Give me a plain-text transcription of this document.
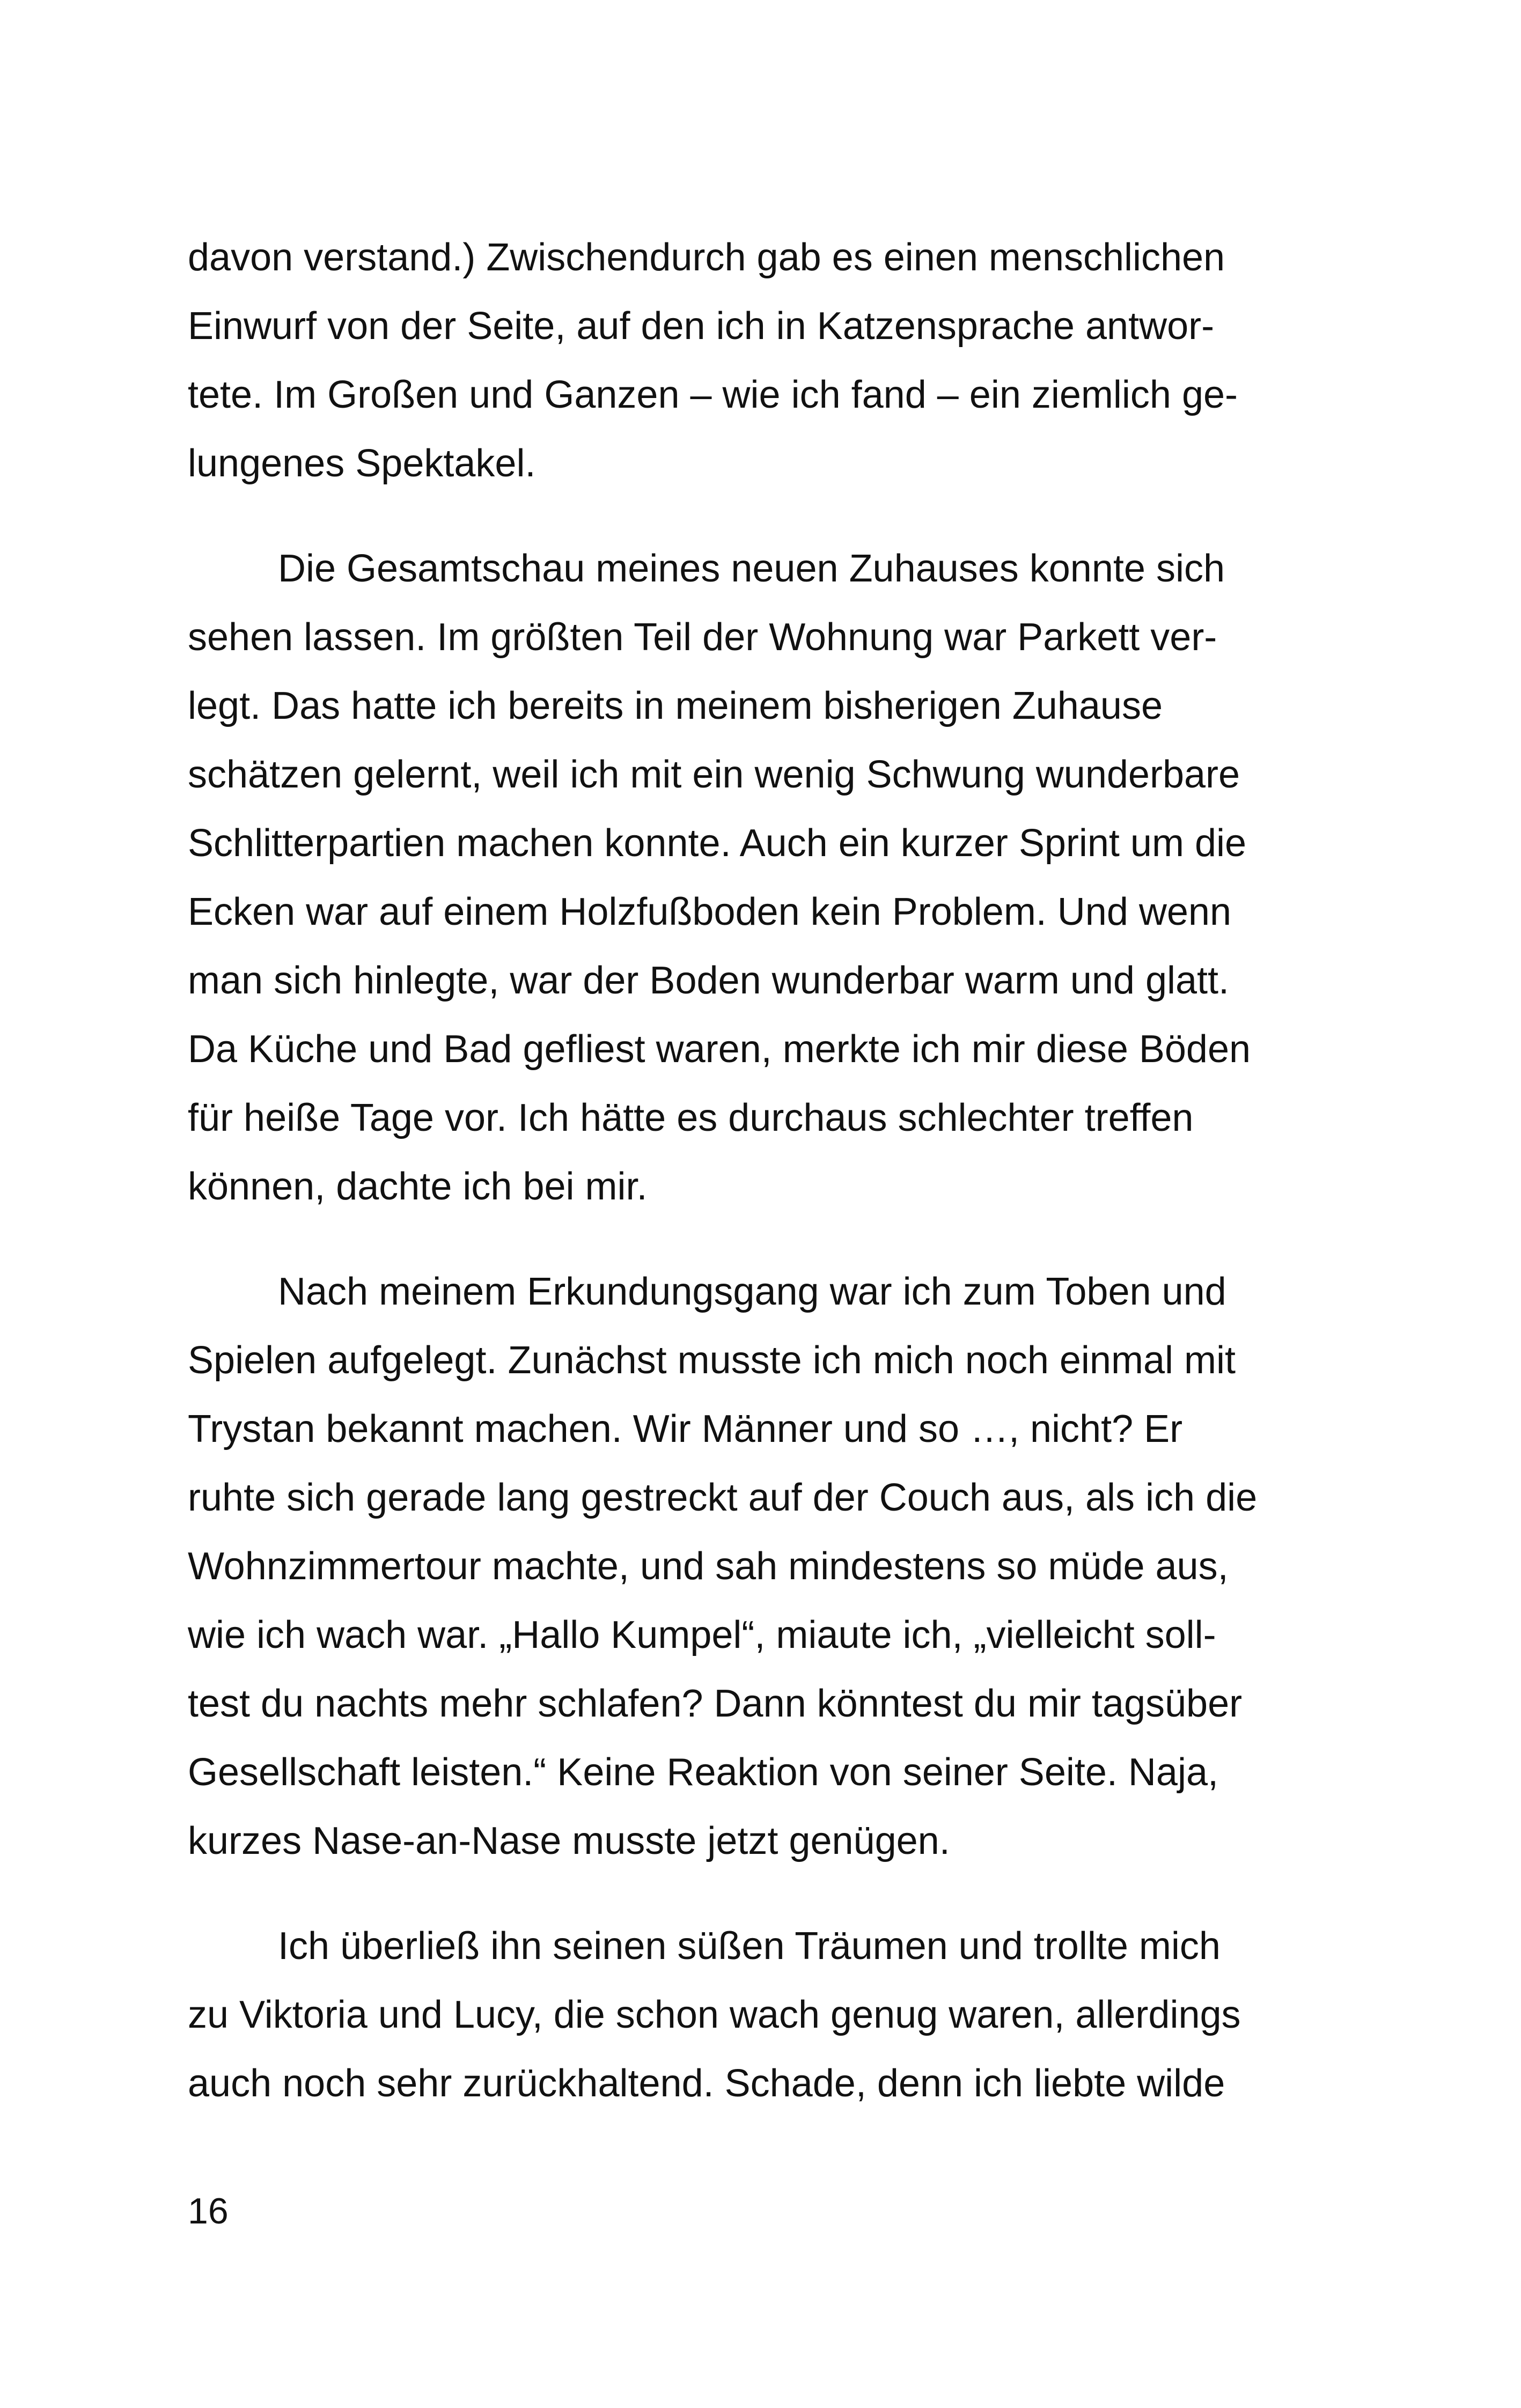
davon verstand.) Zwischendurch gab es einen menschlichen
Einwurf von der Seite, auf den ich in Katzensprache antwor-
tete. Im Großen und Ganzen – wie ich fand – ein ziemlich ge-
lungenes Spektakel.
Die Gesamtschau meines neuen Zuhauses konnte sich
sehen lassen. Im größten Teil der Wohnung war Parkett ver-
legt. Das hatte ich bereits in meinem bisherigen Zuhause
schätzen gelernt, weil ich mit ein wenig Schwung wunderbare
Schlitterpartien machen konnte. Auch ein kurzer Sprint um die
Ecken war auf einem Holzfußboden kein Problem. Und wenn
man sich hinlegte, war der Boden wunderbar warm und glatt.
Da Küche und Bad gefliest waren, merkte ich mir diese Böden
für heiße Tage vor. Ich hätte es durchaus schlechter treffen
können, dachte ich bei mir.
Nach meinem Erkundungsgang war ich zum Toben und
Spielen aufgelegt. Zunächst musste ich mich noch einmal mit
Trystan bekannt machen. Wir Männer und so …, nicht? Er
ruhte sich gerade lang gestreckt auf der Couch aus, als ich die
Wohnzimmertour machte, und sah mindestens so müde aus,
wie ich wach war. „Hallo Kumpel“, miaute ich, „vielleicht soll-
test du nachts mehr schlafen? Dann könntest du mir tagsüber
Gesellschaft leisten.“ Keine Reaktion von seiner Seite. Naja,
kurzes Nase-an-Nase musste jetzt genügen.
Ich überließ ihn seinen süßen Träumen und trollte mich
zu Viktoria und Lucy, die schon wach genug waren, allerdings
auch noch sehr zurückhaltend. Schade, denn ich liebte wilde
16
